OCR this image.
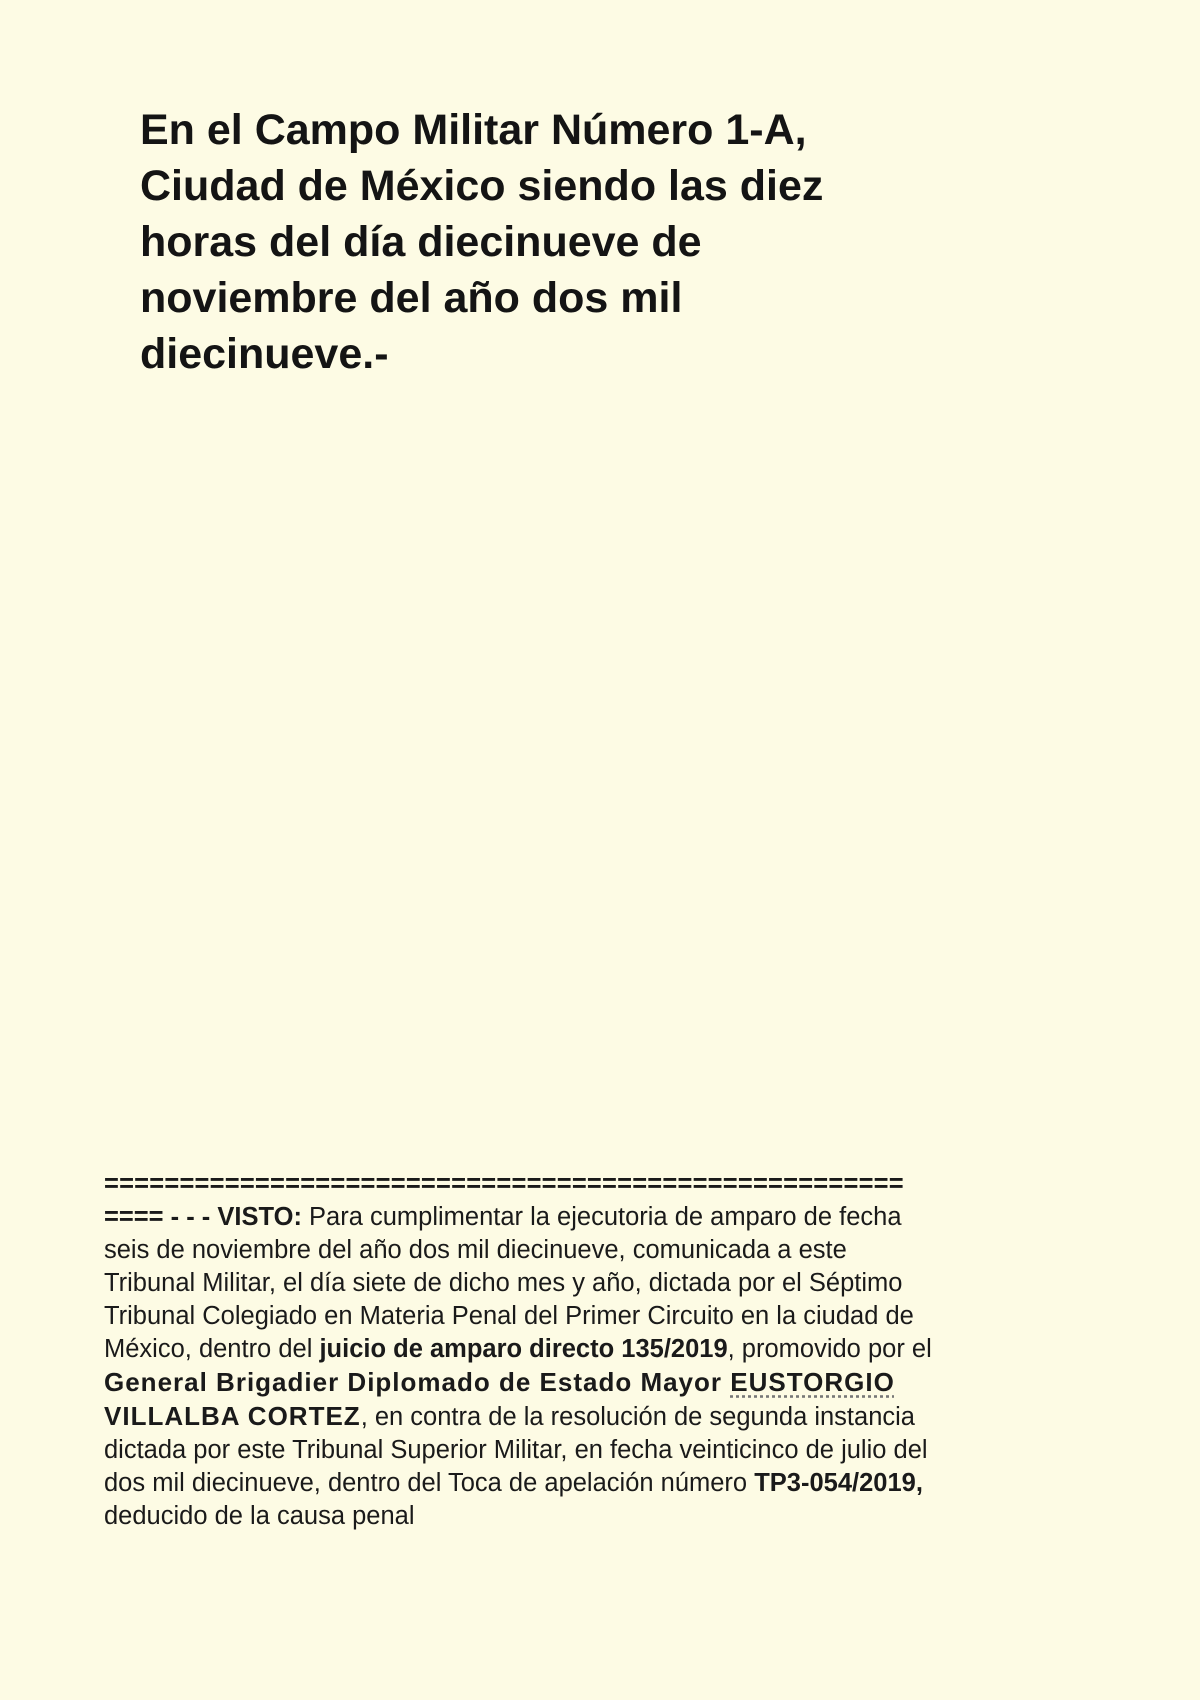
En el Campo Militar Número 1-A,
Ciudad de México siendo las diez
horas del día diecinueve de
noviembre del año dos mil
diecinueve.-
=====================================================
==== - - - VISTO: Para cumplimentar la ejecutoria de amparo de fecha
seis de noviembre del año dos mil diecinueve, comunicada a este
Tribunal Militar, el día siete de dicho mes y año, dictada por el Séptimo
Tribunal Colegiado en Materia Penal del Primer Circuito en la ciudad de
México, dentro del juicio de amparo directo 135/2019, promovido por el
General Brigadier Diplomado de Estado Mayor EUSTORGIO
VILLALBA CORTEZ, en contra de la resolución de segunda instancia
dictada por este Tribunal Superior Militar, en fecha veinticinco de julio del
dos mil diecinueve, dentro del Toca de apelación número TP3-054/2019,
deducido de la causa penal
